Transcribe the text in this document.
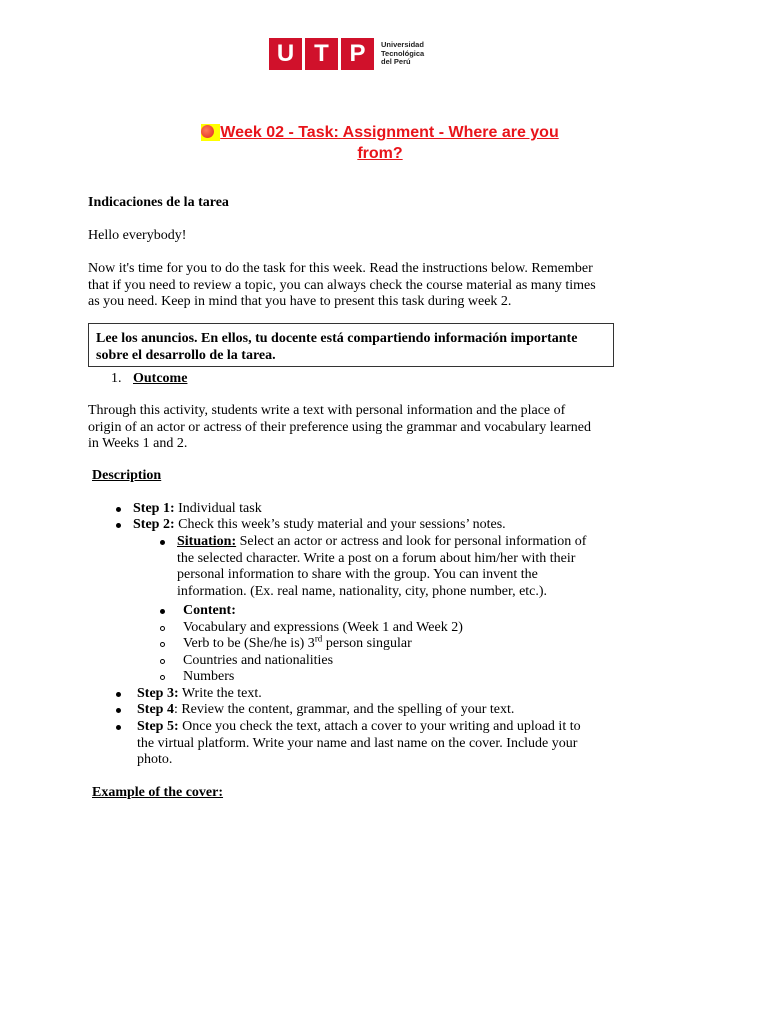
U T P	Universidad
Tecnológica
del Perú
Week 02 - Task: Assignment - Where are you
from?
Indicaciones de la tarea
Hello everybody!
Now it's time for you to do the task for this week. Read the instructions below. Remember
that if you need to review a topic, you can always check the course material as many times
as you need. Keep in mind that you have to present this task during week 2.
Lee los anuncios. En ellos, tu docente está compartiendo información importante
sobre el desarrollo de la tarea.
1. Outcome
Through this activity, students write a text with personal information and the place of
origin of an actor or actress of their preference using the grammar and vocabulary learned
in Weeks 1 and 2.
Description
Step 1: Individual task
Step 2: Check this week’s study material and your sessions’ notes.
Situation: Select an actor or actress and look for personal information of
the selected character. Write a post on a forum about him/her with their
personal information to share with the group. You can invent the
information. (Ex. real name, nationality, city, phone number, etc.).
Content:
Vocabulary and expressions (Week 1 and Week 2)
Verb to be (She/he is) 3rd person singular
Countries and nationalities
Numbers
Step 3: Write the text.
Step 4: Review the content, grammar, and the spelling of your text.
Step 5: Once you check the text, attach a cover to your writing and upload it to
the virtual platform. Write your name and last name on the cover. Include your
photo.
Example of the cover:
